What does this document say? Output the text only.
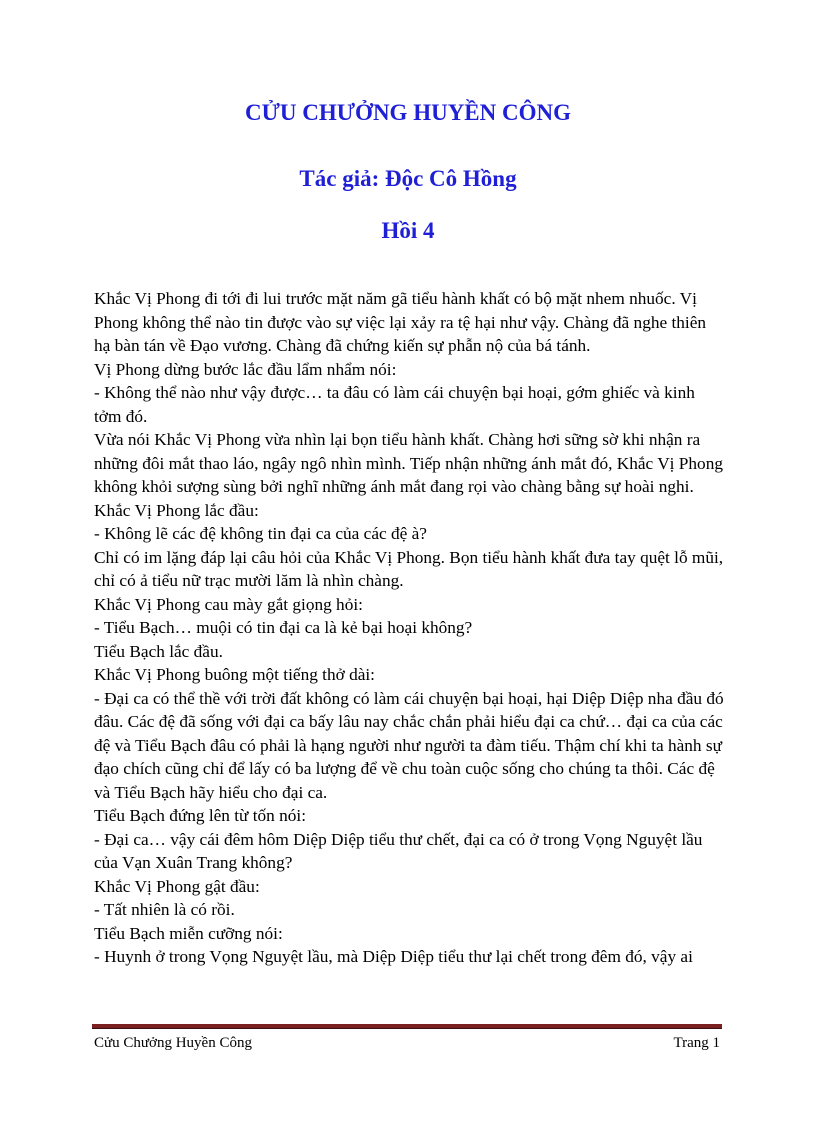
CỬU CHƯỞNG HUYỀN CÔNG
Tác giả: Độc Cô Hồng
Hồi 4

Khắc Vị Phong đi tới đi lui trước mặt năm gã tiểu hành khất có bộ mặt nhem nhuốc. Vị Phong không thể nào tin được vào sự việc lại xảy ra tệ hại như vậy. Chàng đã nghe thiên hạ bàn tán về Đạo vương. Chàng đã chứng kiến sự phẫn nộ của bá tánh.

Vị Phong dừng bước lắc đầu lẩm nhẩm nói:

- Không thể nào như vậy được… ta đâu có làm cái chuyện bại hoại, gớm ghiếc và kinh tởm đó.

Vừa nói Khắc Vị Phong vừa nhìn lại bọn tiểu hành khất. Chàng hơi sững sờ khi nhận ra những đôi mắt thao láo, ngây ngô nhìn mình. Tiếp nhận những ánh mắt đó, Khắc Vị Phong không khỏi sượng sùng bởi nghĩ những ánh mắt đang rọi vào chàng bằng sự hoài nghi.

Khắc Vị Phong lắc đầu:

- Không lẽ các đệ không tin đại ca của các đệ à?

Chỉ có im lặng đáp lại câu hỏi của Khắc Vị Phong. Bọn tiểu hành khất đưa tay quệt lỗ mũi, chỉ có ả tiểu nữ trạc mười lăm là nhìn chàng.

Khắc Vị Phong cau mày gắt giọng hỏi:

- Tiểu Bạch… muội có tin đại ca là kẻ bại hoại không?

Tiểu Bạch lắc đầu.

Khắc Vị Phong buông một tiếng thở dài:

- Đại ca có thể thề với trời đất không có làm cái chuyện bại hoại, hại Diệp Diệp nha đầu đó đâu. Các đệ đã sống với đại ca bấy lâu nay chắc chắn phải hiểu đại ca chứ… đại ca của các đệ và Tiểu Bạch đâu có phải là hạng người như người ta đàm tiếu. Thậm chí khi ta hành sự đạo chích cũng chỉ để lấy có ba lượng để về chu toàn cuộc sống cho chúng ta thôi. Các đệ và Tiểu Bạch hãy hiểu cho đại ca.

Tiểu Bạch đứng lên từ tốn nói:

- Đại ca… vậy cái đêm hôm Diệp Diệp tiểu thư chết, đại ca có ở trong Vọng Nguyệt lầu của Vạn Xuân Trang không?

Khắc Vị Phong gật đầu:

- Tất nhiên là có rồi.

Tiểu Bạch miễn cưỡng nói:

- Huynh ở trong Vọng Nguyệt lầu, mà Diệp Diệp tiểu thư lại chết trong đêm đó, vậy ai

Cửu Chưởng Huyền Công	Trang 1
